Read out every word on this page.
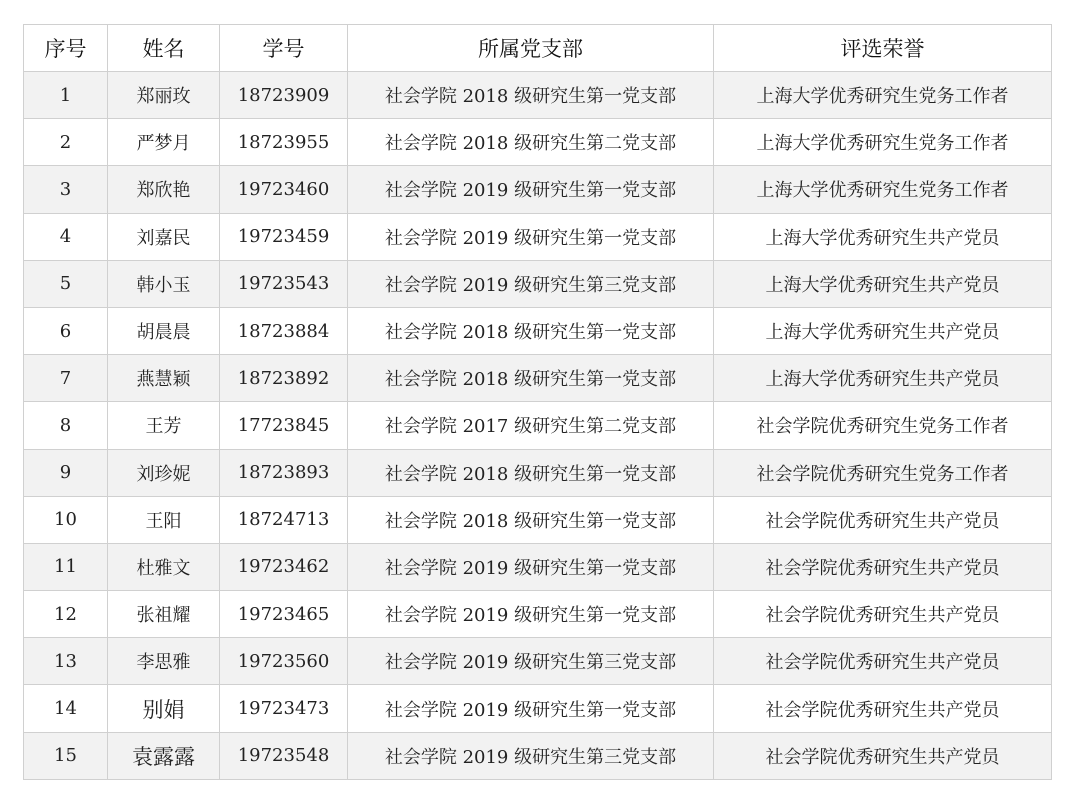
序号	姓名	学号	所属党支部	评选荣誉
1	郑丽玫	18723909	社会学院 2018 级研究生第一党支部	上海大学优秀研究生党务工作者
2	严梦月	18723955	社会学院 2018 级研究生第二党支部	上海大学优秀研究生党务工作者
3	郑欣艳	19723460	社会学院 2019 级研究生第一党支部	上海大学优秀研究生党务工作者
4	刘嘉民	19723459	社会学院 2019 级研究生第一党支部	上海大学优秀研究生共产党员
5	韩小玉	19723543	社会学院 2019 级研究生第三党支部	上海大学优秀研究生共产党员
6	胡晨晨	18723884	社会学院 2018 级研究生第一党支部	上海大学优秀研究生共产党员
7	燕慧颖	18723892	社会学院 2018 级研究生第一党支部	上海大学优秀研究生共产党员
8	王芳	17723845	社会学院 2017 级研究生第二党支部	社会学院优秀研究生党务工作者
9	刘珍妮	18723893	社会学院 2018 级研究生第一党支部	社会学院优秀研究生党务工作者
10	王阳	18724713	社会学院 2018 级研究生第一党支部	社会学院优秀研究生共产党员
11	杜雅文	19723462	社会学院 2019 级研究生第一党支部	社会学院优秀研究生共产党员
12	张祖耀	19723465	社会学院 2019 级研究生第一党支部	社会学院优秀研究生共产党员
13	李思雅	19723560	社会学院 2019 级研究生第三党支部	社会学院优秀研究生共产党员
14	别娟	19723473	社会学院 2019 级研究生第一党支部	社会学院优秀研究生共产党员
15	袁露露	19723548	社会学院 2019 级研究生第三党支部	社会学院优秀研究生共产党员
